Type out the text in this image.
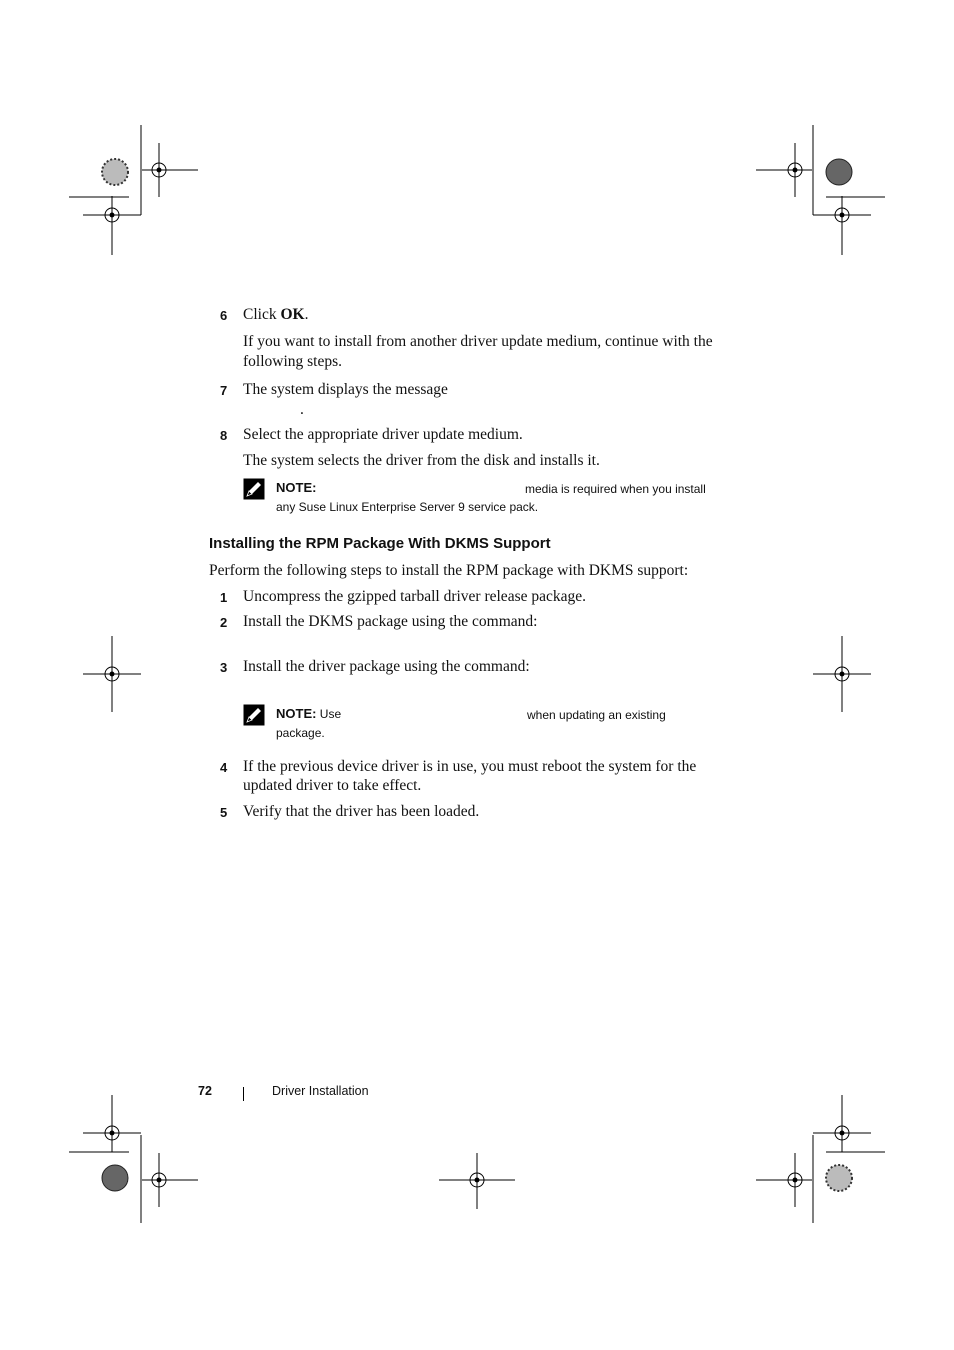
6 Click OK.
If you want to install from another driver update medium, continue with the following steps.
7 The system displays the message
.
8 Select the appropriate driver update medium.
The system selects the driver from the disk and installs it.
NOTE:	media is required when you install
any Suse Linux Enterprise Server 9 service pack.
Installing the RPM Package With DKMS Support
Perform the following steps to install the RPM package with DKMS support:
1 Uncompress the gzipped tarball driver release package.
2 Install the DKMS package using the command:
3 Install the driver package using the command:
NOTE: Use	when updating an existing
package.
4 If the previous device driver is in use, you must reboot the system for the
updated driver to take effect.
5 Verify that the driver has been loaded.
72	Driver Installation
